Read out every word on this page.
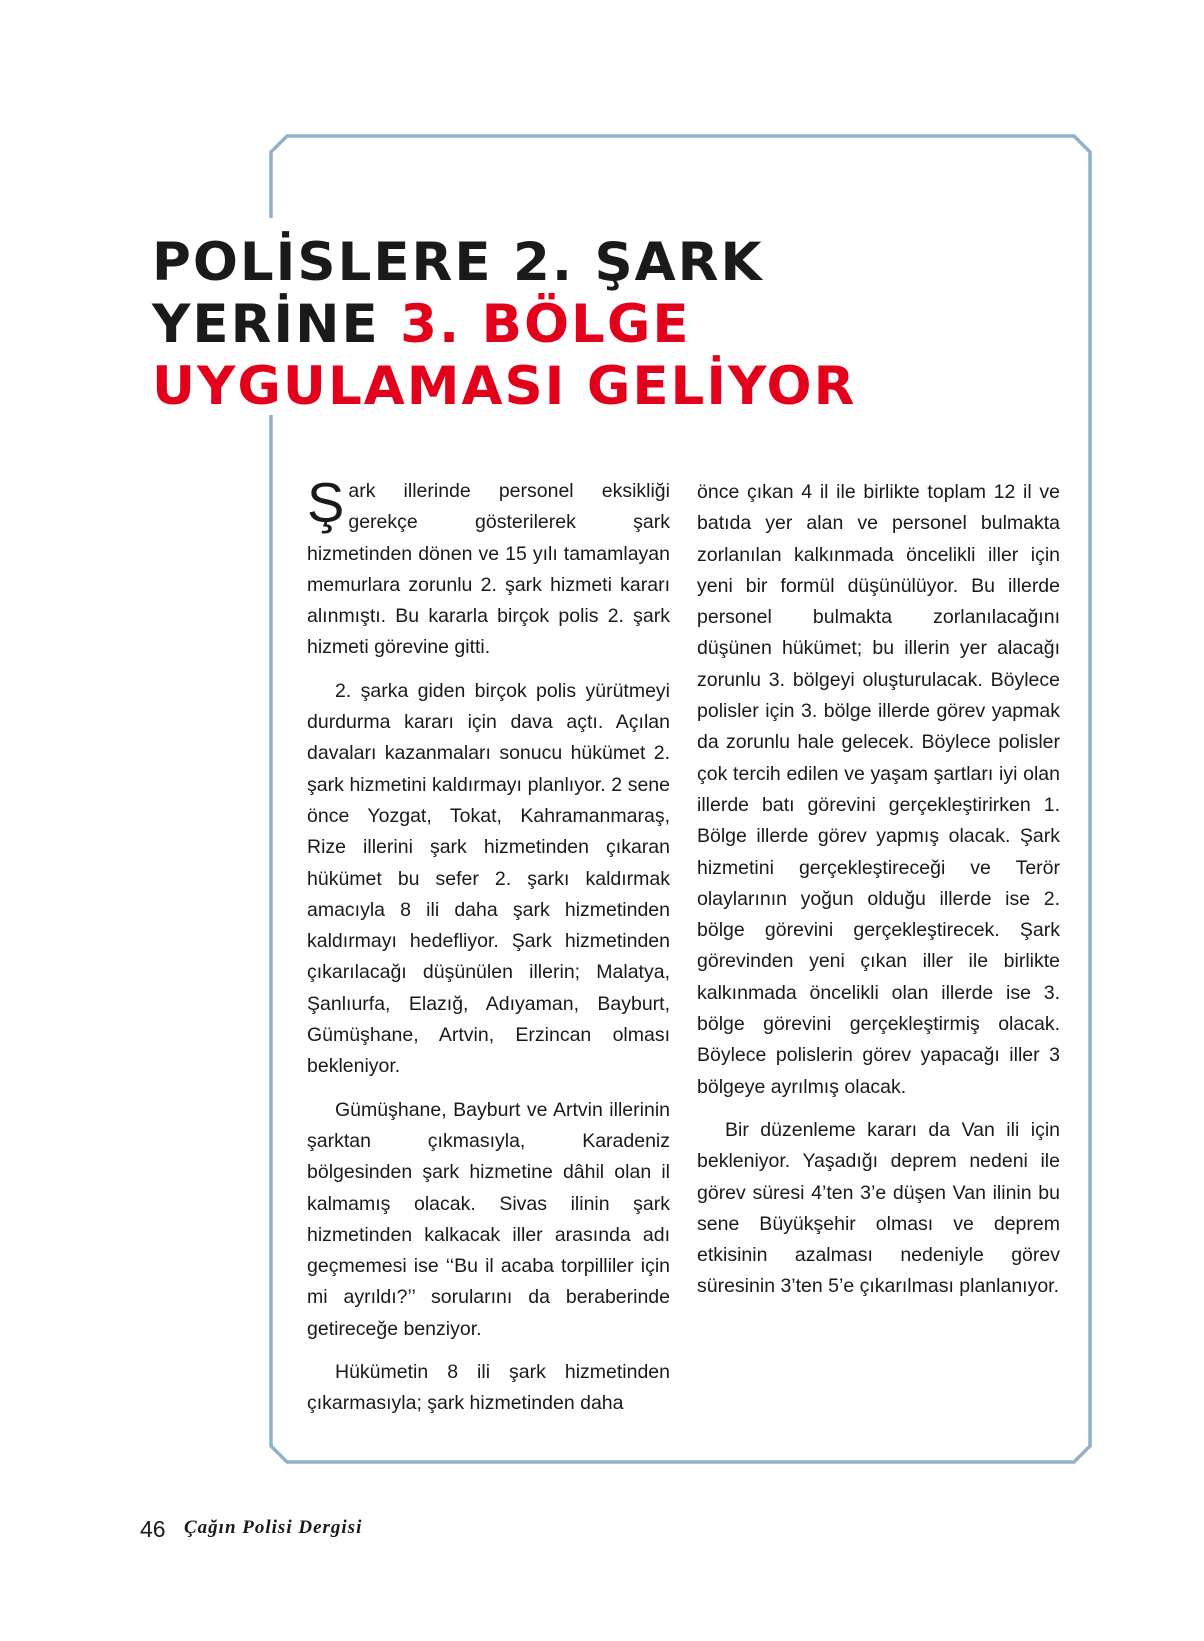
POLİSLERE 2. ŞARK
YERİNE 3. BÖLGE
UYGULAMASI GELİYOR

Şark illerinde personel eksikliği gerekçe gösterilerek şark hizmetinden dönen ve 15 yılı tamamlayan memurlara zorunlu 2. şark hizmeti kararı alınmıştı. Bu kararla birçok polis 2. şark hizmeti görevine gitti.

2. şarka giden birçok polis yürütmeyi durdurma kararı için dava açtı. Açılan davaları kazanmaları sonucu hükümet 2. şark hizmetini kaldırmayı planlıyor. 2 sene önce Yozgat, Tokat, Kahramanmaraş, Rize illerini şark hizmetinden çıkaran hükümet bu sefer 2. şarkı kaldırmak amacıyla 8 ili daha şark hizmetinden kaldırmayı hedefliyor. Şark hizmetinden çıkarılacağı düşünülen illerin; Malatya, Şanlıurfa, Elazığ, Adıyaman, Bayburt, Gümüşhane, Artvin, Erzincan olması bekleniyor.

Gümüşhane, Bayburt ve Artvin illerinin şarktan çıkmasıyla, Karadeniz bölgesinden şark hizmetine dâhil olan il kalmamış olacak. Sivas ilinin şark hizmetinden kalkacak iller arasında adı geçmemesi ise ‘‘Bu il acaba torpilliler için mi ayrıldı?’’ sorularını da beraberinde getireceğe benziyor.

Hükümetin 8 ili şark hizmetinden çıkarmasıyla; şark hizmetinden daha

önce çıkan 4 il ile birlikte toplam 12 il ve batıda yer alan ve personel bulmakta zorlanılan kalkınmada öncelikli iller için yeni bir formül düşünülüyor. Bu illerde personel bulmakta zorlanılacağını düşünen hükümet; bu illerin yer alacağı zorunlu 3. bölgeyi oluşturulacak. Böylece polisler için 3. bölge illerde görev yapmak da zorunlu hale gelecek. Böylece polisler çok tercih edilen ve yaşam şartları iyi olan illerde batı görevini gerçekleştirirken 1. Bölge illerde görev yapmış olacak. Şark hizmetini gerçekleştireceği ve Terör olaylarının yoğun olduğu illerde ise 2. bölge görevini gerçekleştirecek. Şark görevinden yeni çıkan iller ile birlikte kalkınmada öncelikli olan illerde ise 3. bölge görevini gerçekleştirmiş olacak. Böylece polislerin görev yapacağı iller 3 bölgeye ayrılmış olacak.

Bir düzenleme kararı da Van ili için bekleniyor. Yaşadığı deprem nedeni ile görev süresi 4’ten 3’e düşen Van ilinin bu sene Büyükşehir olması ve deprem etkisinin azalması nedeniyle görev süresinin 3’ten 5’e çıkarılması planlanıyor.

46 Çağın Polisi Dergisi
